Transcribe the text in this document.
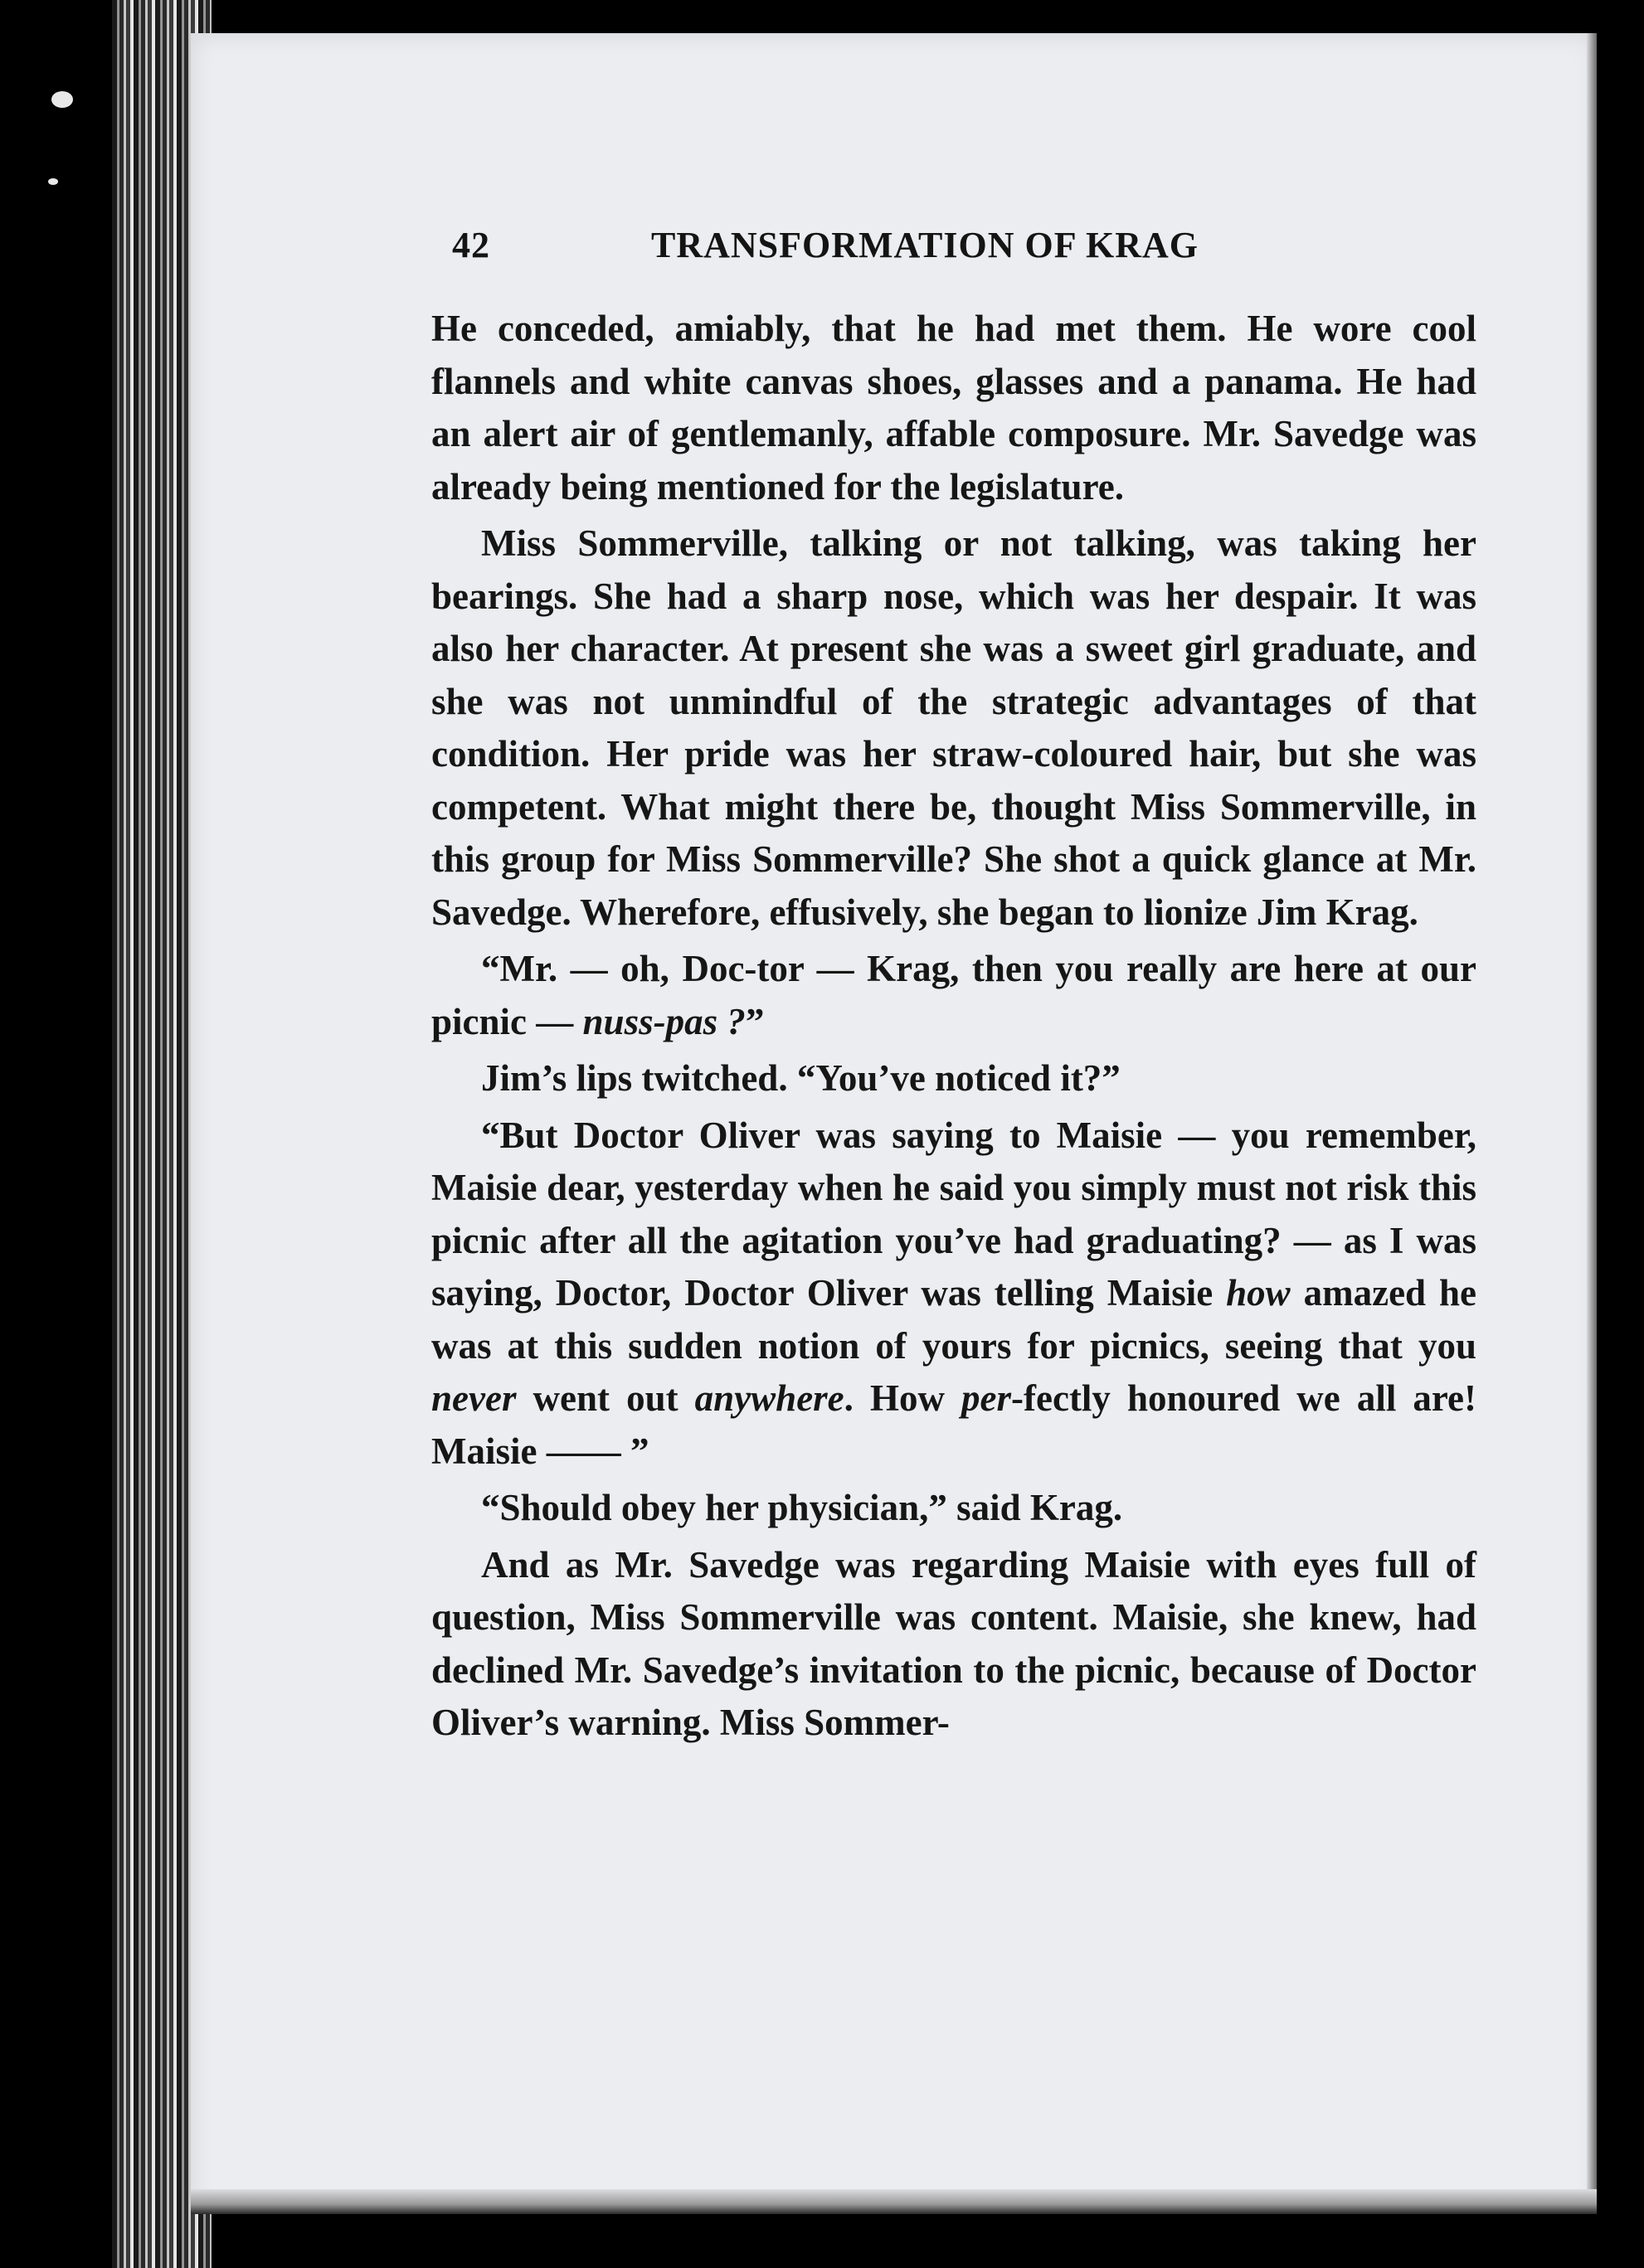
42	TRANSFORMATION OF KRAG

He conceded, amiably, that he had met them. He wore cool flannels and white canvas shoes, glasses and a panama. He had an alert air of gentlemanly, affable composure. Mr. Savedge was already being mentioned for the legislature.

Miss Sommerville, talking or not talking, was taking her bearings. She had a sharp nose, which was her despair. It was also her character. At present she was a sweet girl graduate, and she was not unmindful of the strategic advantages of that condition. Her pride was her straw-coloured hair, but she was competent. What might there be, thought Miss Sommerville, in this group for Miss Sommerville? She shot a quick glance at Mr. Savedge. Wherefore, effusively, she began to lionize Jim Krag.

“Mr. — oh, Doc-tor — Krag, then you really are here at our picnic — nuss-pas ?”

Jim’s lips twitched. “You’ve noticed it?”

“But Doctor Oliver was saying to Maisie — you remember, Maisie dear, yesterday when he said you simply must not risk this picnic after all the agitation you’ve had graduating? — as I was saying, Doctor, Doctor Oliver was telling Maisie how amazed he was at this sudden notion of yours for picnics, seeing that you never went out anywhere. How per-fectly honoured we all are! Maisie —— ”

“Should obey her physician,” said Krag.

And as Mr. Savedge was regarding Maisie with eyes full of question, Miss Sommerville was content. Maisie, she knew, had declined Mr. Savedge’s invitation to the picnic, because of Doctor Oliver’s warning. Miss Sommer-
